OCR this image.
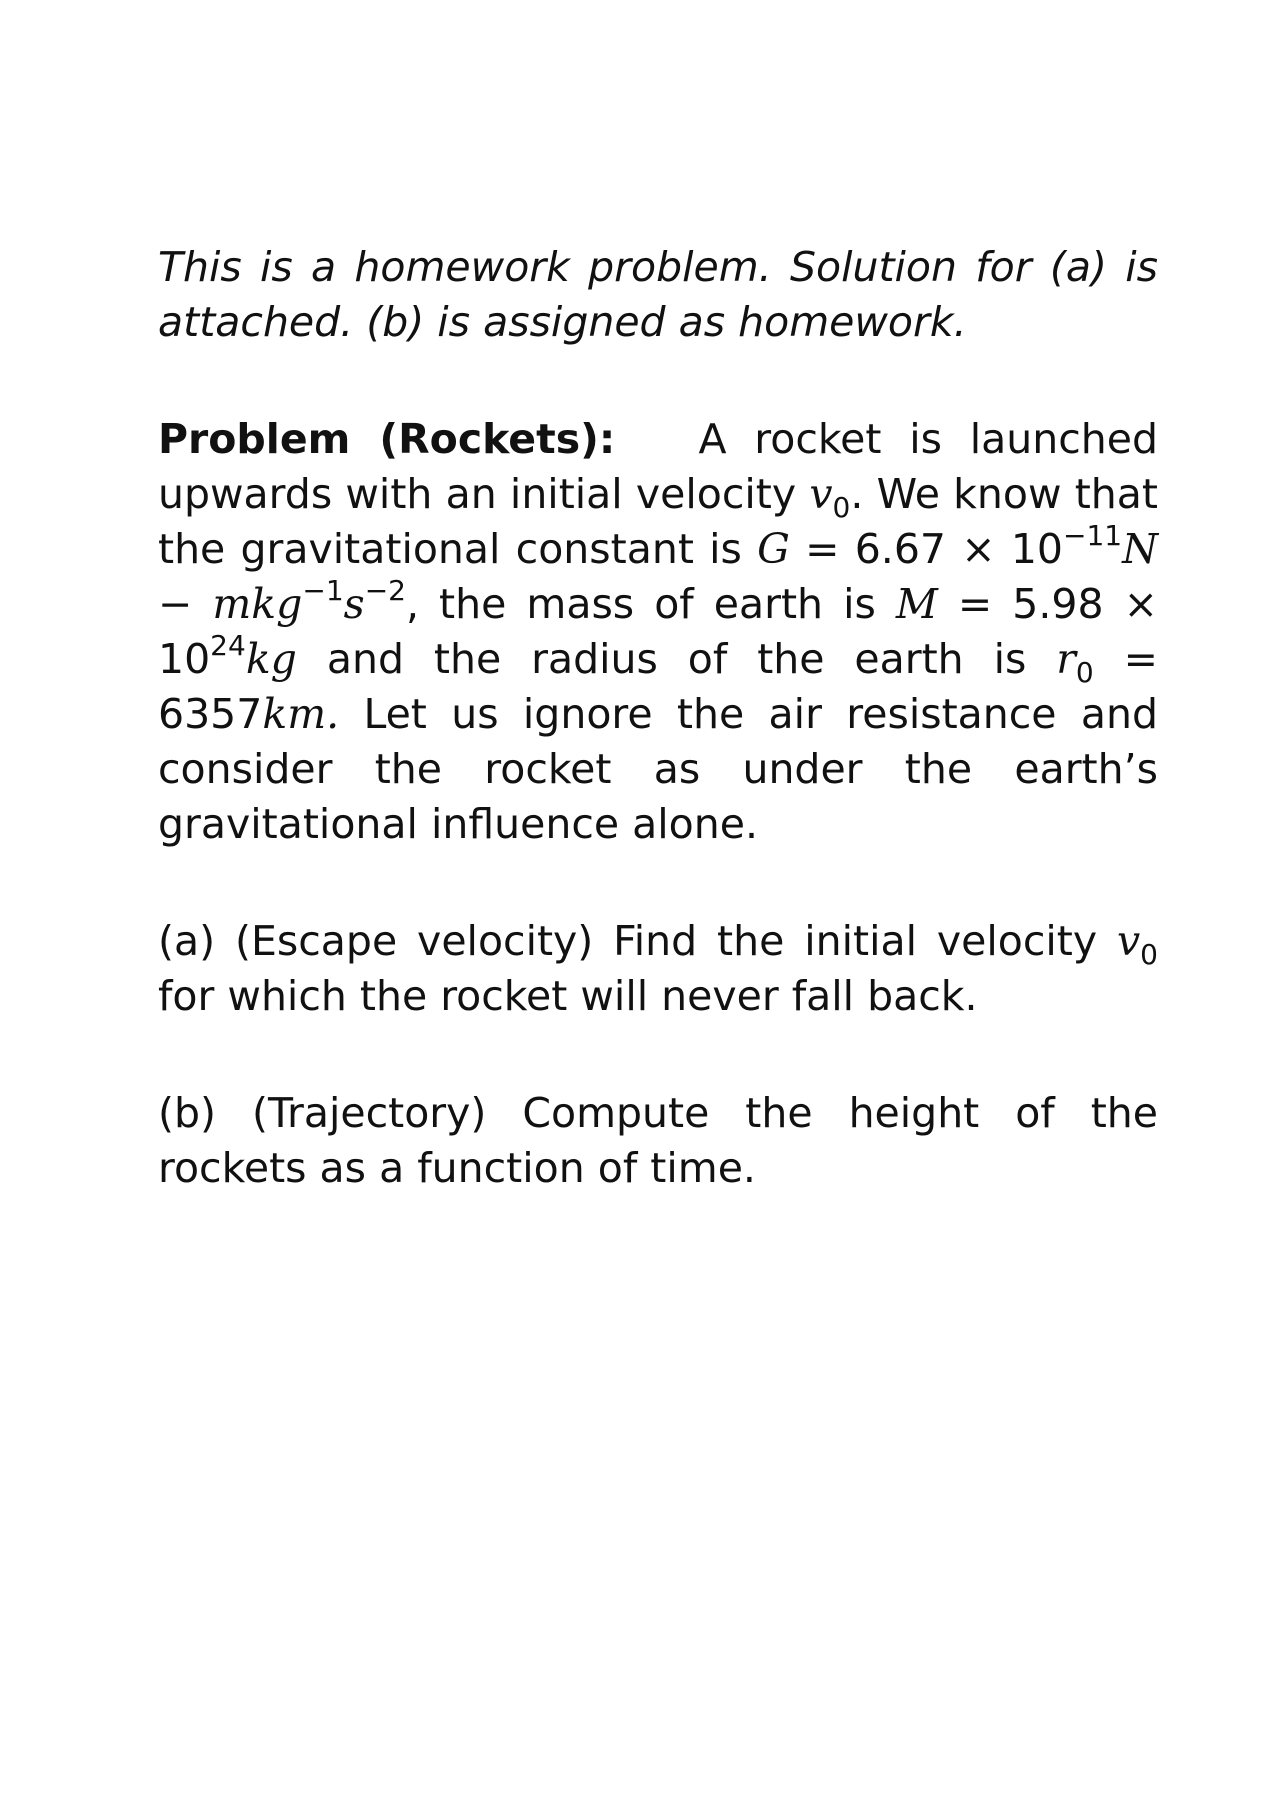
This is a homework problem. Solution for (a) is attached. (b) is assigned as homework.

Problem (Rockets): A rocket is launched upwards with an initial velocity $v_0$. We know that the gravitational constant is $G = 6.67 \times 10^{-11}N - mkg^{-1}s^{-2}$, the mass of earth is $M = 5.98 \times 10^{24}kg$ and the radius of the earth is $r_0 = 6357km$. Let us ignore the air resistance and consider the rocket as under the earth’s gravitational influence alone.

(a) (Escape velocity) Find the initial velocity $v_0$ for which the rocket will never fall back.

(b) (Trajectory) Compute the height of the rockets as a function of time.
